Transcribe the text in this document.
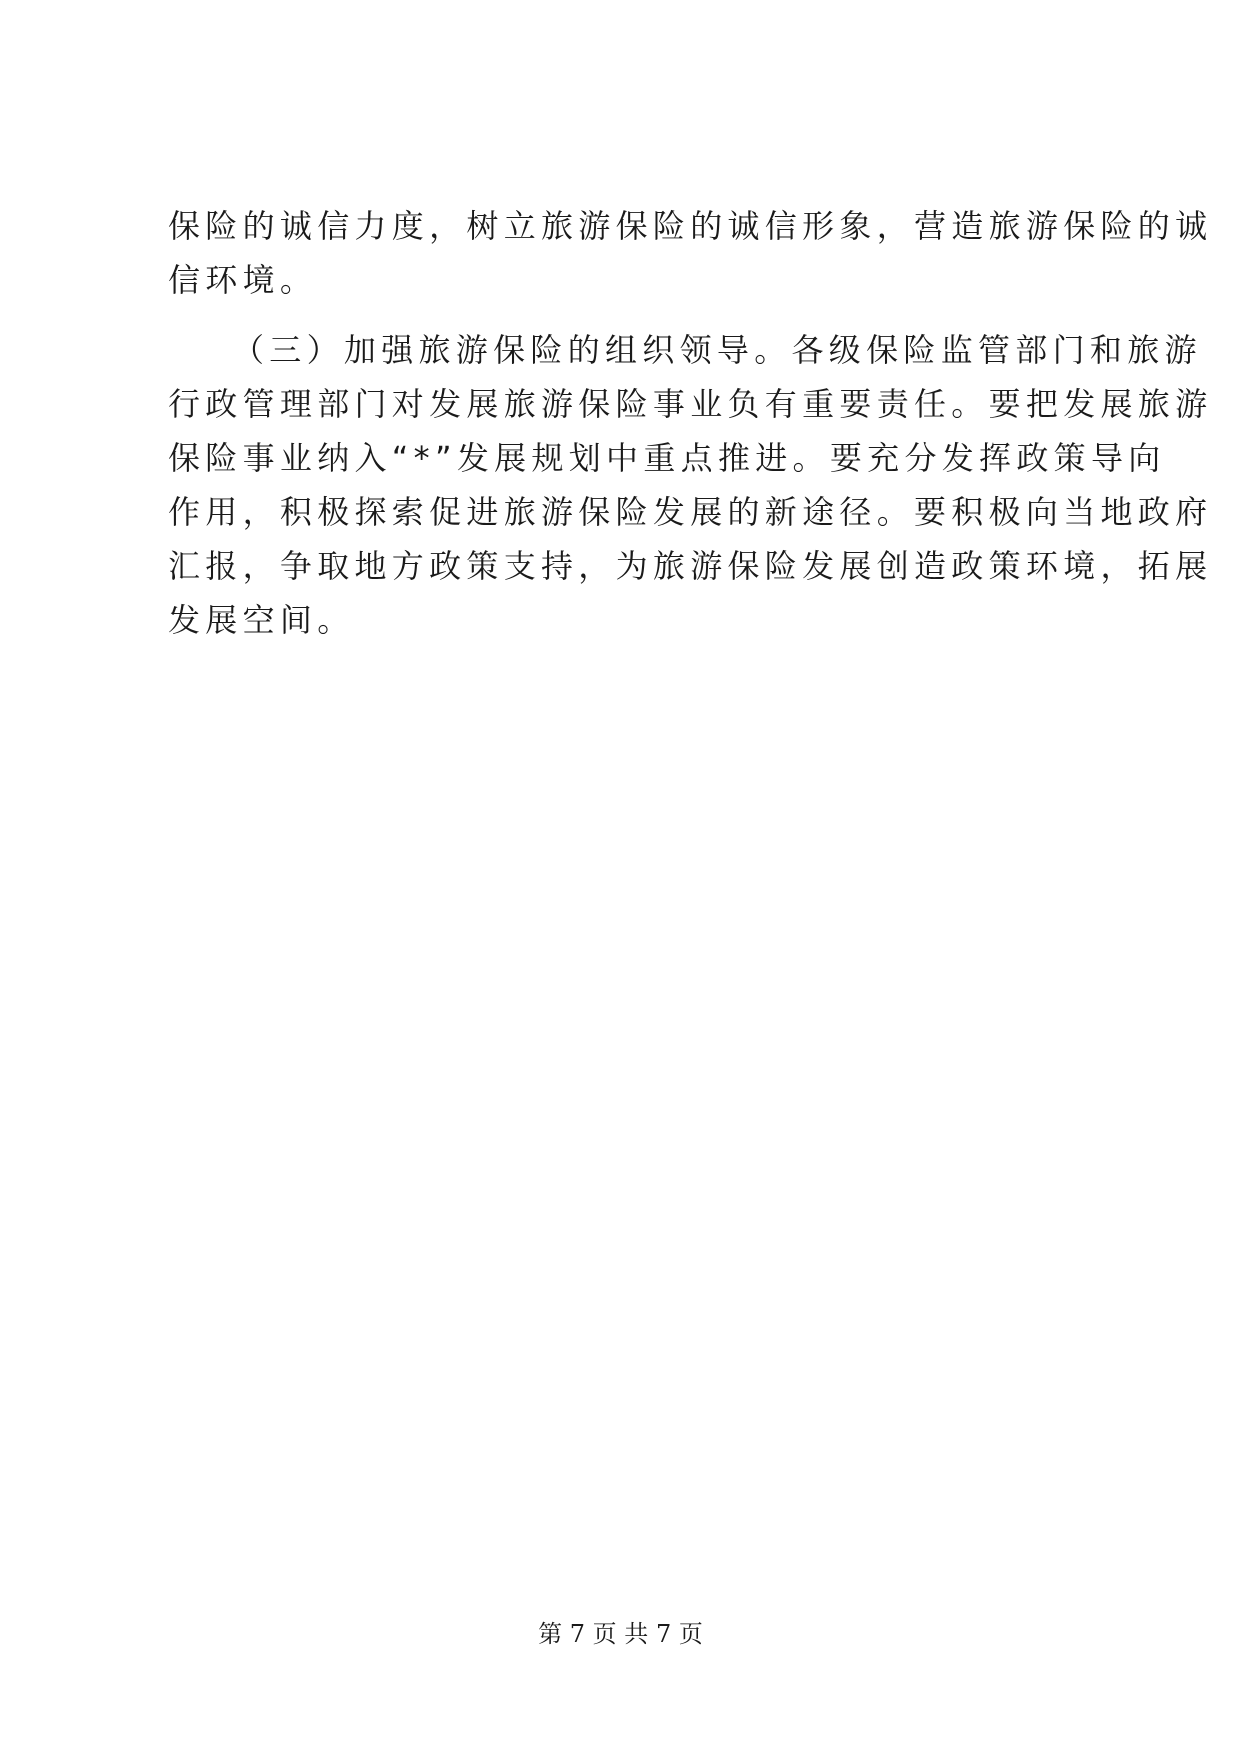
保险的诚信力度，树立旅游保险的诚信形象，营造旅游保险的诚
信环境。
（三）加强旅游保险的组织领导。各级保险监管部门和旅游
行政管理部门对发展旅游保险事业负有重要责任。要把发展旅游
保险事业纳入“*”发展规划中重点推进。要充分发挥政策导向
作用，积极探索促进旅游保险发展的新途径。要积极向当地政府
汇报，争取地方政策支持，为旅游保险发展创造政策环境，拓展
发展空间。
第 7 页 共 7 页
